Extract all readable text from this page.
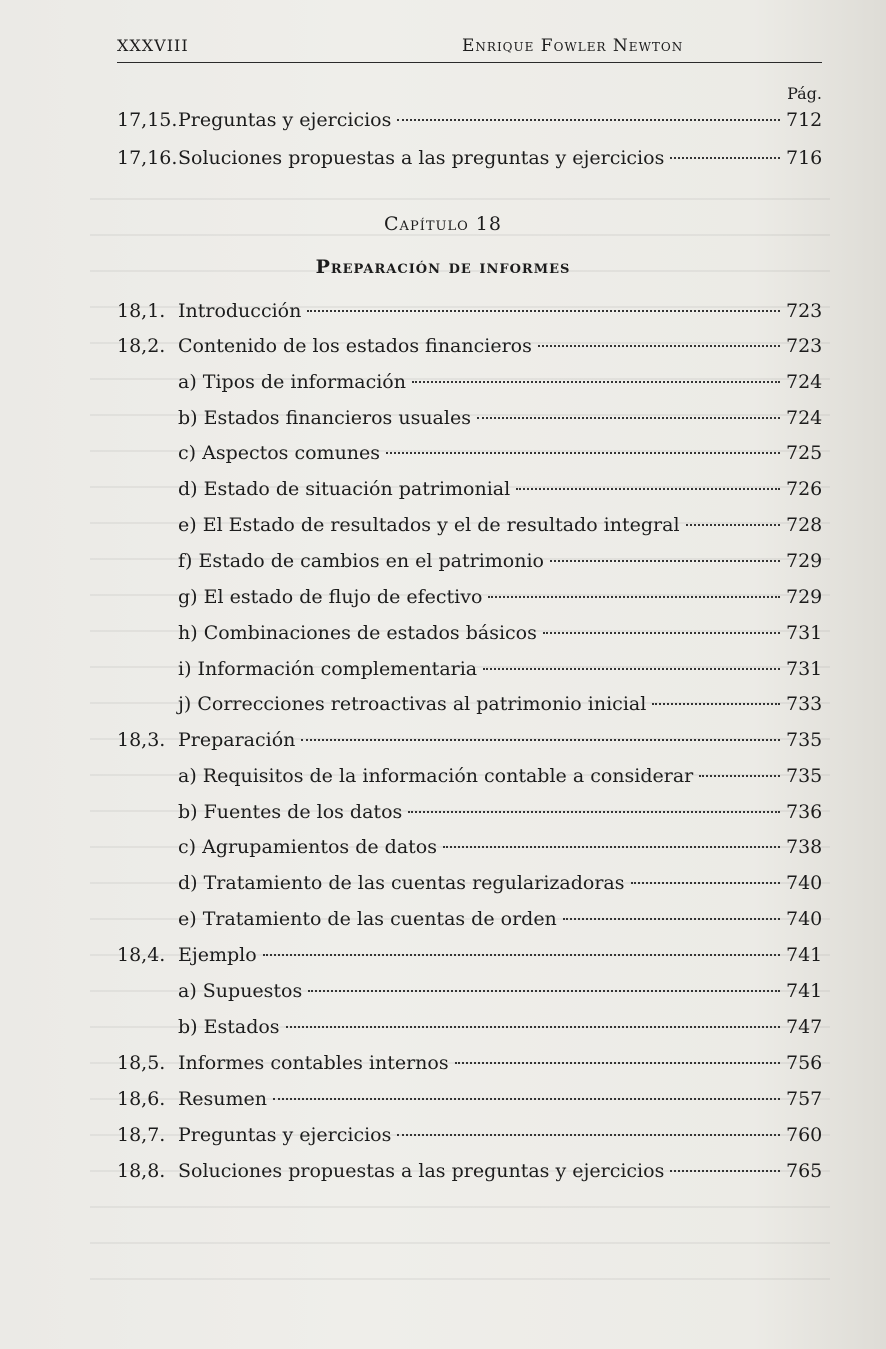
XXXVIII	Enrique Fowler Newton
Pág.
Capítulo 18
Preparación de informes
17,15. Preguntas y ejercicios	712
17,16. Soluciones propuestas a las preguntas y ejercicios	716
18,1. Introducción	723
18,2. Contenido de los estados financieros	723
a) Tipos de información	724
b) Estados financieros usuales	724
c) Aspectos comunes	725
d) Estado de situación patrimonial	726
e) El Estado de resultados y el de resultado integral	728
f) Estado de cambios en el patrimonio	729
g) El estado de flujo de efectivo	729
h) Combinaciones de estados básicos	731
i) Información complementaria	731
j) Correcciones retroactivas al patrimonio inicial	733
18,3. Preparación	735
a) Requisitos de la información contable a considerar	735
b) Fuentes de los datos	736
c) Agrupamientos de datos	738
d) Tratamiento de las cuentas regularizadoras	740
e) Tratamiento de las cuentas de orden	740
18,4. Ejemplo	741
a) Supuestos	741
b) Estados	747
18,5. Informes contables internos	756
18,6. Resumen	757
18,7. Preguntas y ejercicios	760
18,8. Soluciones propuestas a las preguntas y ejercicios	765
